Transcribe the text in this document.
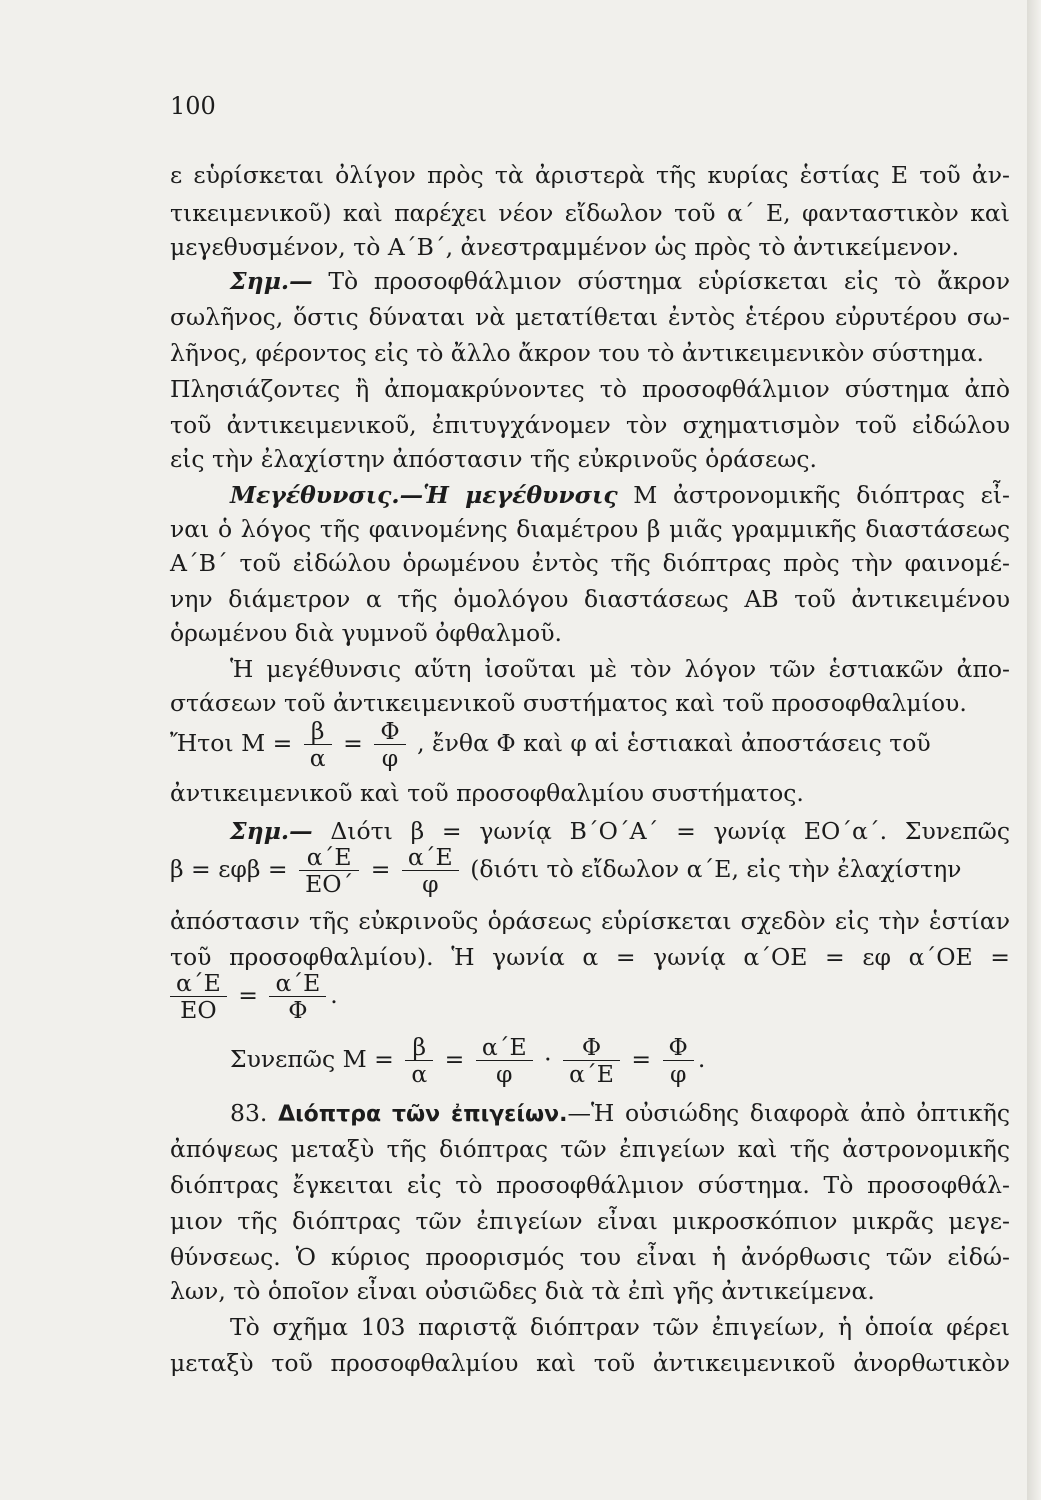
100
ε εὑρίσκεται ὀλίγον πρὸς τὰ ἀριστερὰ τῆς κυρίας ἑστίας Ε τοῦ ἀν-
τικειμενικοῦ) καὶ παρέχει νέον εἴδωλον τοῦ α΄ Ε, φανταστικὸν καὶ
μεγεθυσμένον, τὸ Α΄Β΄, ἀνεστραμμένον ὡς πρὸς τὸ ἀντικείμενον.
Σημ.— Τὸ προσοφθάλμιον σύστημα εὑρίσκεται εἰς τὸ ἄκρον
σωλῆνος, ὅστις δύναται νὰ μετατίθεται ἐντὸς ἑτέρου εὐρυτέρου σω-
λῆνος, φέροντος εἰς τὸ ἄλλο ἄκρον του τὸ ἀντικειμενικὸν σύστημα.
Πλησιάζοντες ἢ ἀπομακρύνοντες τὸ προσοφθάλμιον σύστημα ἀπὸ
τοῦ ἀντικειμενικοῦ, ἐπιτυγχάνομεν τὸν σχηματισμὸν τοῦ εἰδώλου
εἰς τὴν ἐλαχίστην ἀπόστασιν τῆς εὐκρινοῦς ὁράσεως.
Μεγέθυνσις.—Ἡ μεγέθυνσις Μ ἀστρονομικῆς διόπτρας εἶ-
ναι ὁ λόγος τῆς φαινομένης διαμέτρου β μιᾶς γραμμικῆς διαστάσεως
Α΄Β΄ τοῦ εἰδώλου ὁρωμένου ἐντὸς τῆς διόπτρας πρὸς τὴν φαινομέ-
νην διάμετρον α τῆς ὁμολόγου διαστάσεως ΑΒ τοῦ ἀντικειμένου
ὁρωμένου διὰ γυμνοῦ ὀφθαλμοῦ.
Ἡ μεγέθυνσις αὕτη ἰσοῦται μὲ τὸν λόγον τῶν ἑστιακῶν ἀπο-
στάσεων τοῦ ἀντικειμενικοῦ συστήματος καὶ τοῦ προσοφθαλμίου.
Ἤτοι $M = \frac{\beta}{\alpha} = \frac{\Phi}{\varphi}$ , ἔνθα Φ καὶ φ αἱ ἑστιακαὶ ἀποστάσεις τοῦ
ἀντικειμενικοῦ καὶ τοῦ προσοφθαλμίου συστήματος.
Σημ.— Διότι β = γωνίᾳ Β΄Ο΄Α΄ = γωνίᾳ ΕΟ΄α΄. Συνεπῶς
$\beta = \varepsilon\varphi\beta = \frac{\alpha΄E}{EO΄} = \frac{\alpha΄E}{\varphi} (\delta\iota ό\tau\iota$ τὸ εἴδωλον α΄Ε, εἰς τὴν ἐλαχίστην
ἀπόστασιν τῆς εὐκρινοῦς ὁράσεως εὑρίσκεται σχεδὸν εἰς τὴν ἑστίαν
τοῦ προσοφθαλμίου). Ἡ γωνία α = γωνίᾳ α΄ΟΕ = εφ α΄ΟΕ =
$\frac{\alpha΄E}{EO} = \frac{\alpha΄E}{\Phi}$ .
Συνεπῶς $M = \frac{\beta}{\alpha} = \frac{\alpha΄E}{\varphi} \cdot \frac{\Phi}{\alpha΄E} = \frac{\Phi}{\varphi}$ .
83. Διόπτρα τῶν ἐπιγείων.—Ἡ οὐσιώδης διαφορὰ ἀπὸ ὀπτικῆς
ἀπόψεως μεταξὺ τῆς διόπτρας τῶν ἐπιγείων καὶ τῆς ἀστρονομικῆς
διόπτρας ἔγκειται εἰς τὸ προσοφθάλμιον σύστημα. Τὸ προσοφθάλ-
μιον τῆς διόπτρας τῶν ἐπιγείων εἶναι μικροσκόπιον μικρᾶς μεγε-
θύνσεως. Ὁ κύριος προορισμός του εἶναι ἡ ἀνόρθωσις τῶν εἰδώ-
λων, τὸ ὁποῖον εἶναι οὐσιῶδες διὰ τὰ ἐπὶ γῆς ἀντικείμενα.
Τὸ σχῆμα 103 παριστᾷ διόπτραν τῶν ἐπιγείων, ἡ ὁποία φέρει
μεταξὺ τοῦ προσοφθαλμίου καὶ τοῦ ἀντικειμενικοῦ ἀνορθωτικὸν
